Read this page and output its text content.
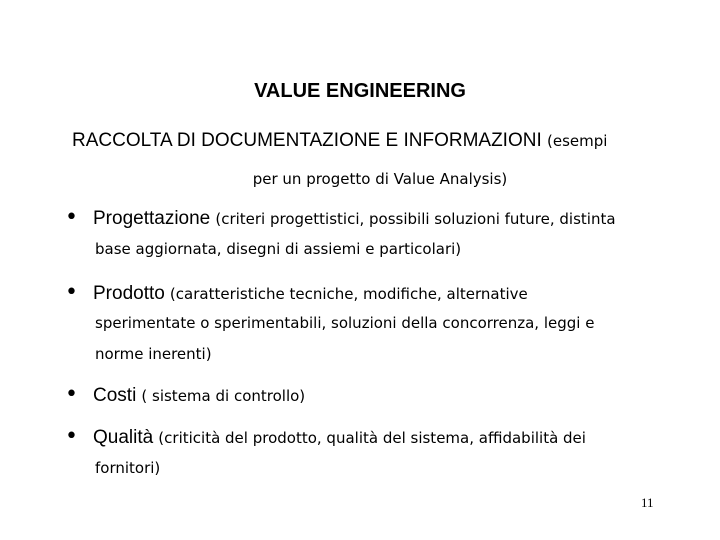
VALUE ENGINEERING
RACCOLTA DI DOCUMENTAZIONE E INFORMAZIONI (esempi
per un progetto di Value Analysis)
• Progettazione (criteri progettistici, possibili soluzioni future, distinta
base aggiornata, disegni di assiemi e particolari)
• Prodotto (caratteristiche tecniche, modifiche, alternative
sperimentate o sperimentabili, soluzioni della concorrenza, leggi e
norme inerenti)
• Costi ( sistema di controllo)
• Qualità (criticità del prodotto, qualità del sistema, affidabilità dei
fornitori)
11
